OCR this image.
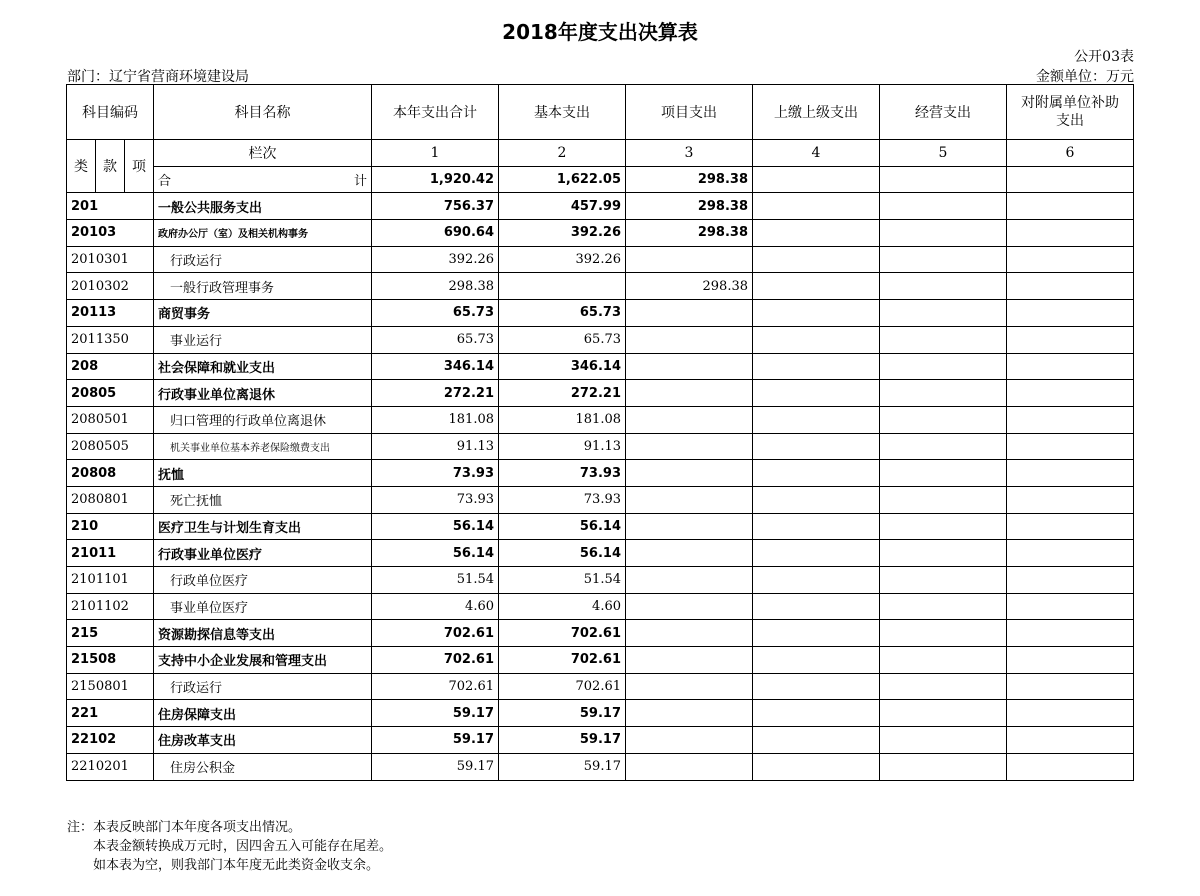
2018年度支出决算表
公开03表
部门：辽宁省营商环境建设局	金额单位：万元
科目编码			科目名称	本年支出合计	基本支出	项目支出	上缴上级支出	经营支出	对附属单位补助支出
类	款	项	栏次	1	2	3	4	5	6

			合 计	1,920.42	1,622.05	298.38			
201			一般公共服务支出	756.37	457.99	298.38			
20103			政府办公厅（室）及相关机构事务	690.64	392.26	298.38			
2010301			行政运行	392.26	392.26				
2010302			一般行政管理事务	298.38		298.38			
20113			商贸事务	65.73	65.73				
2011350			事业运行	65.73	65.73				
208			社会保障和就业支出	346.14	346.14				
20805			行政事业单位离退休	272.21	272.21				
2080501			归口管理的行政单位离退休	181.08	181.08				
2080505			机关事业单位基本养老保险缴费支出	91.13	91.13				
20808			抚恤	73.93	73.93				
2080801			死亡抚恤	73.93	73.93				
210			医疗卫生与计划生育支出	56.14	56.14				
21011			行政事业单位医疗	56.14	56.14				
2101101			行政单位医疗	51.54	51.54				
2101102			事业单位医疗	4.60	4.60				
215			资源勘探信息等支出	702.61	702.61				
21508			支持中小企业发展和管理支出	702.61	702.61				
2150801			行政运行	702.61	702.61				
221			住房保障支出	59.17	59.17				
22102			住房改革支出	59.17	59.17				
2210201			住房公积金	59.17	59.17				
注：本表反映部门本年度各项支出情况。
本表金额转换成万元时，因四舍五入可能存在尾差。
如本表为空，则我部门本年度无此类资金收支余。
